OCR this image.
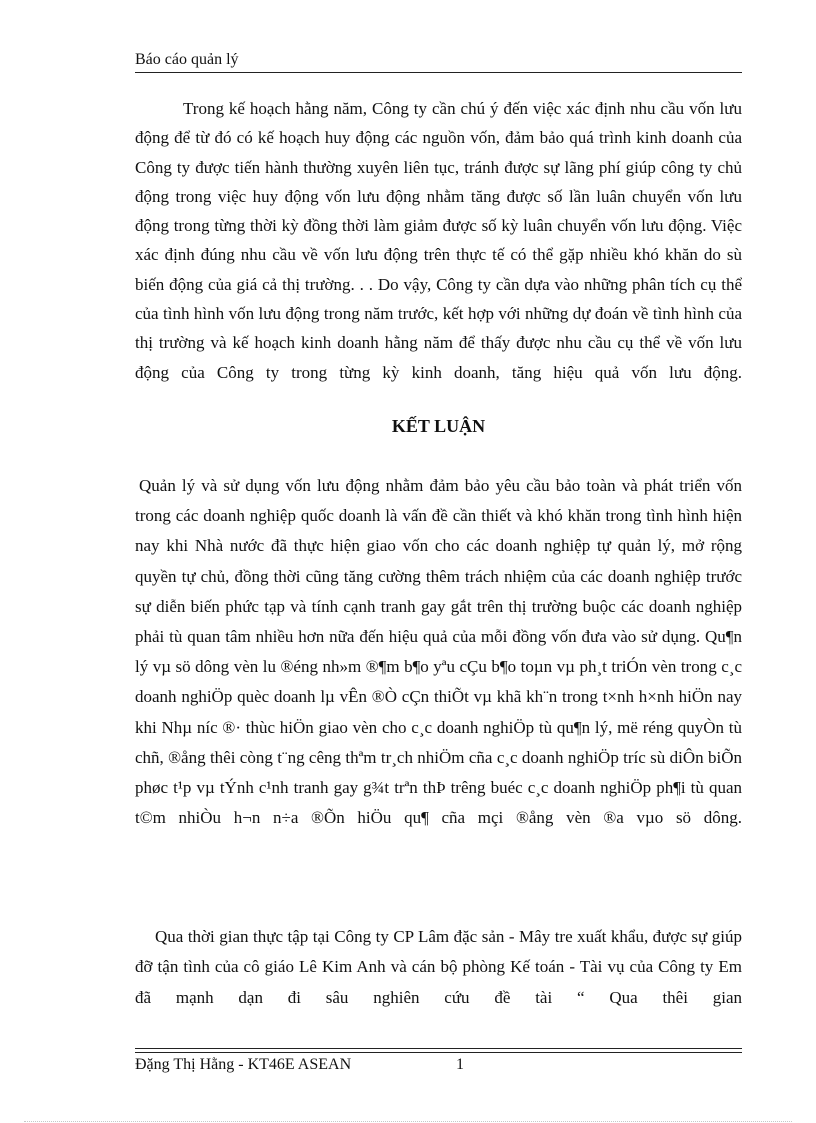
Báo cáo quản lý

Trong kế hoạch hằng năm, Công ty cần chú ý đến việc xác định nhu cầu vốn lưu động để từ đó có kế hoạch huy động các nguồn vốn, đảm bảo quá trình kinh doanh của Công ty được tiến hành thường xuyên liên tục, tránh được sự lãng phí giúp công ty chủ động trong việc huy động vốn lưu động nhằm tăng được số lần luân chuyển vốn lưu động trong từng thời kỳ đồng thời làm giảm được số kỳ luân chuyển vốn lưu động. Việc xác định đúng nhu cầu về vốn lưu động trên thực tế có thể gặp nhiều khó khăn do sù biến động của giá cả thị trường. . . Do vậy, Công ty cần dựa vào những phân tích cụ thể của tình hình vốn lưu động trong năm trước, kết hợp với những dự đoán về tình hình của thị trường và kế hoạch kinh doanh hằng năm để thấy được nhu cầu cụ thể về vốn lưu động của Công ty trong từng kỳ kinh doanh, tăng hiệu quả vốn lưu động.

KẾT LUẬN

Quản lý và sử dụng vốn lưu động nhằm đảm bảo yêu cầu bảo toàn và phát triển vốn trong các doanh nghiệp quốc doanh là vấn đề cần thiết và khó khăn trong tình hình hiện nay khi Nhà nước đã thực hiện giao vốn cho các doanh nghiệp tự quản lý, mở rộng quyền tự chủ, đồng thời cũng tăng cường thêm trách nhiệm của các doanh nghiệp trước sự diễn biến phức tạp và tính cạnh tranh gay gắt trên thị trường buộc các doanh nghiệp phải tù quan tâm nhiều hơn nữa đến hiệu quả của mỗi đồng vốn đưa vào sử dụng. Qu¶n lý vµ sö dông vèn lu ®éng nh»m ®¶m b¶o yªu cÇu b¶o toµn vµ ph¸t triÓn vèn trong c¸c doanh nghiÖp quèc doanh lµ vÊn ®Ò cÇn thiÕt vµ khã kh¨n trong t×nh h×nh hiÖn nay khi Nhµ níc ®· thùc hiÖn giao vèn cho c¸c doanh nghiÖp tù qu¶n lý, më réng quyÒn tù chñ, ®ång thêi còng t¨ng cêng thªm tr¸ch nhiÖm cña c¸c doanh nghiÖp tríc sù diÔn biÕn phøc t¹p vµ tÝnh c¹nh tranh gay g¾t trªn thÞ trêng buéc c¸c doanh nghiÖp ph¶i tù quan t©m nhiÒu h¬n n÷a ®Õn hiÖu qu¶ cña mçi ®ång vèn ®a vµo sö dông.

Qua thời gian thực tập tại Công ty CP Lâm đặc sản - Mây tre xuất khẩu, được sự giúp đỡ tận tình của cô giáo Lê Kim Anh và cán bộ phòng Kế toán - Tài vụ của Công ty Em đã mạnh dạn đi sâu nghiên cứu đề tài “ Qua thêi gian

Đặng Thị Hằng - KT46E ASEAN	1
